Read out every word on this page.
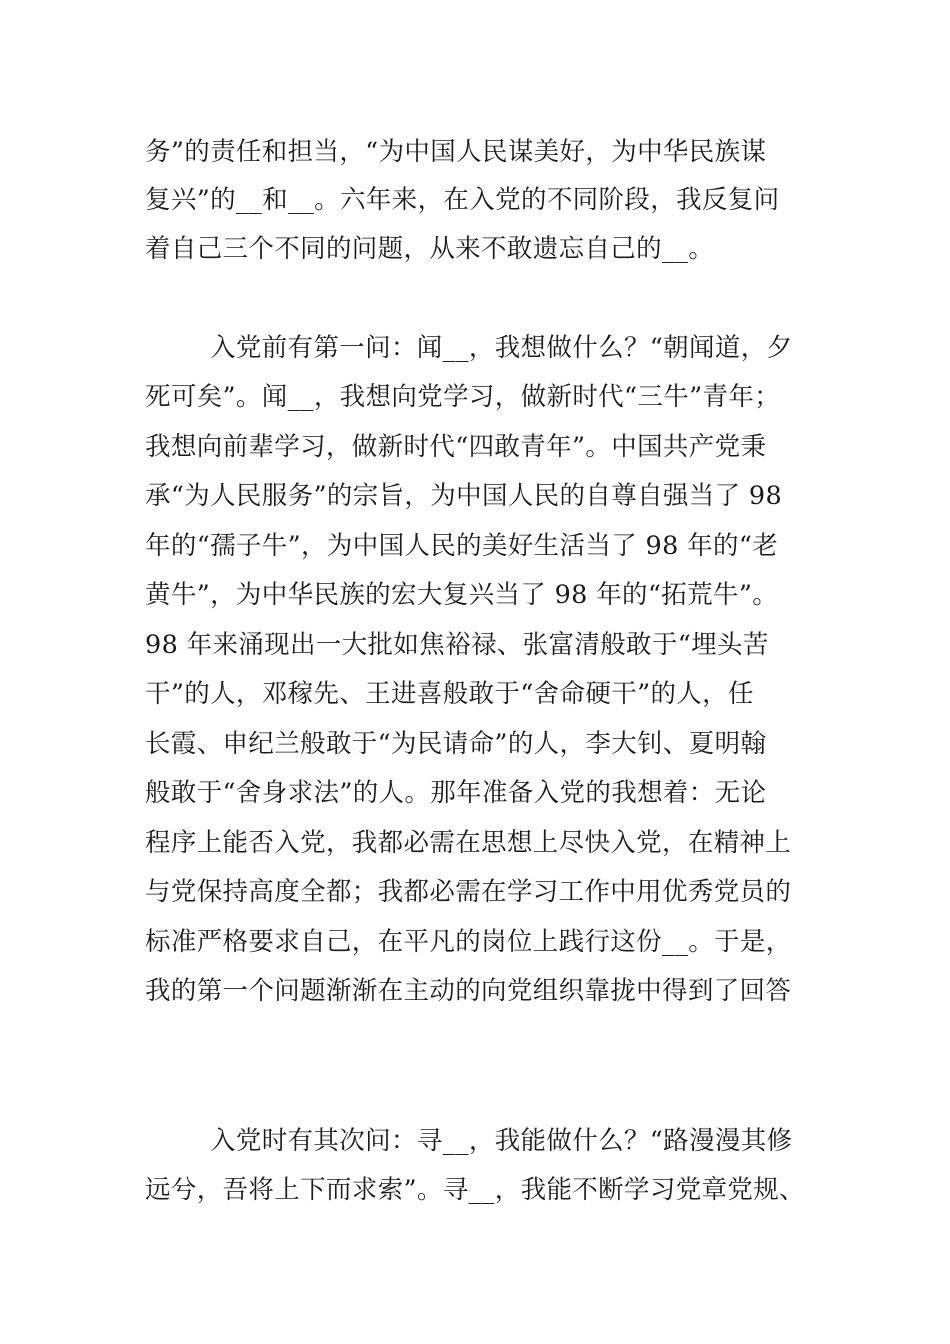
务”的责任和担当，“为中国人民谋美好，为中华民族谋
复兴”的__和__。六年来，在入党的不同阶段，我反复问
着自己三个不同的问题，从来不敢遗忘自己的__。
入党前有第一问：闻__，我想做什么？“朝闻道，夕
死可矣”。闻__，我想向党学习，做新时代“三牛”青年；
我想向前辈学习，做新时代“四敢青年”。中国共产党秉
承“为人民服务”的宗旨，为中国人民的自尊自强当了 98
年的“孺子牛”，为中国人民的美好生活当了 98 年的“老
黄牛”，为中华民族的宏大复兴当了 98 年的“拓荒牛”。
98 年来涌现出一大批如焦裕禄、张富清般敢于“埋头苦
干”的人，邓稼先、王进喜般敢于“舍命硬干”的人，任
长霞、申纪兰般敢于“为民请命”的人，李大钊、夏明翰
般敢于“舍身求法”的人。那年准备入党的我想着：无论
程序上能否入党，我都必需在思想上尽快入党，在精神上
与党保持高度全都；我都必需在学习工作中用优秀党员的
标准严格要求自己，在平凡的岗位上践行这份__。于是，
我的第一个问题渐渐在主动的向党组织靠拢中得到了回答
入党时有其次问：寻__，我能做什么？“路漫漫其修
远兮，吾将上下而求索”。寻__，我能不断学习党章党规、
